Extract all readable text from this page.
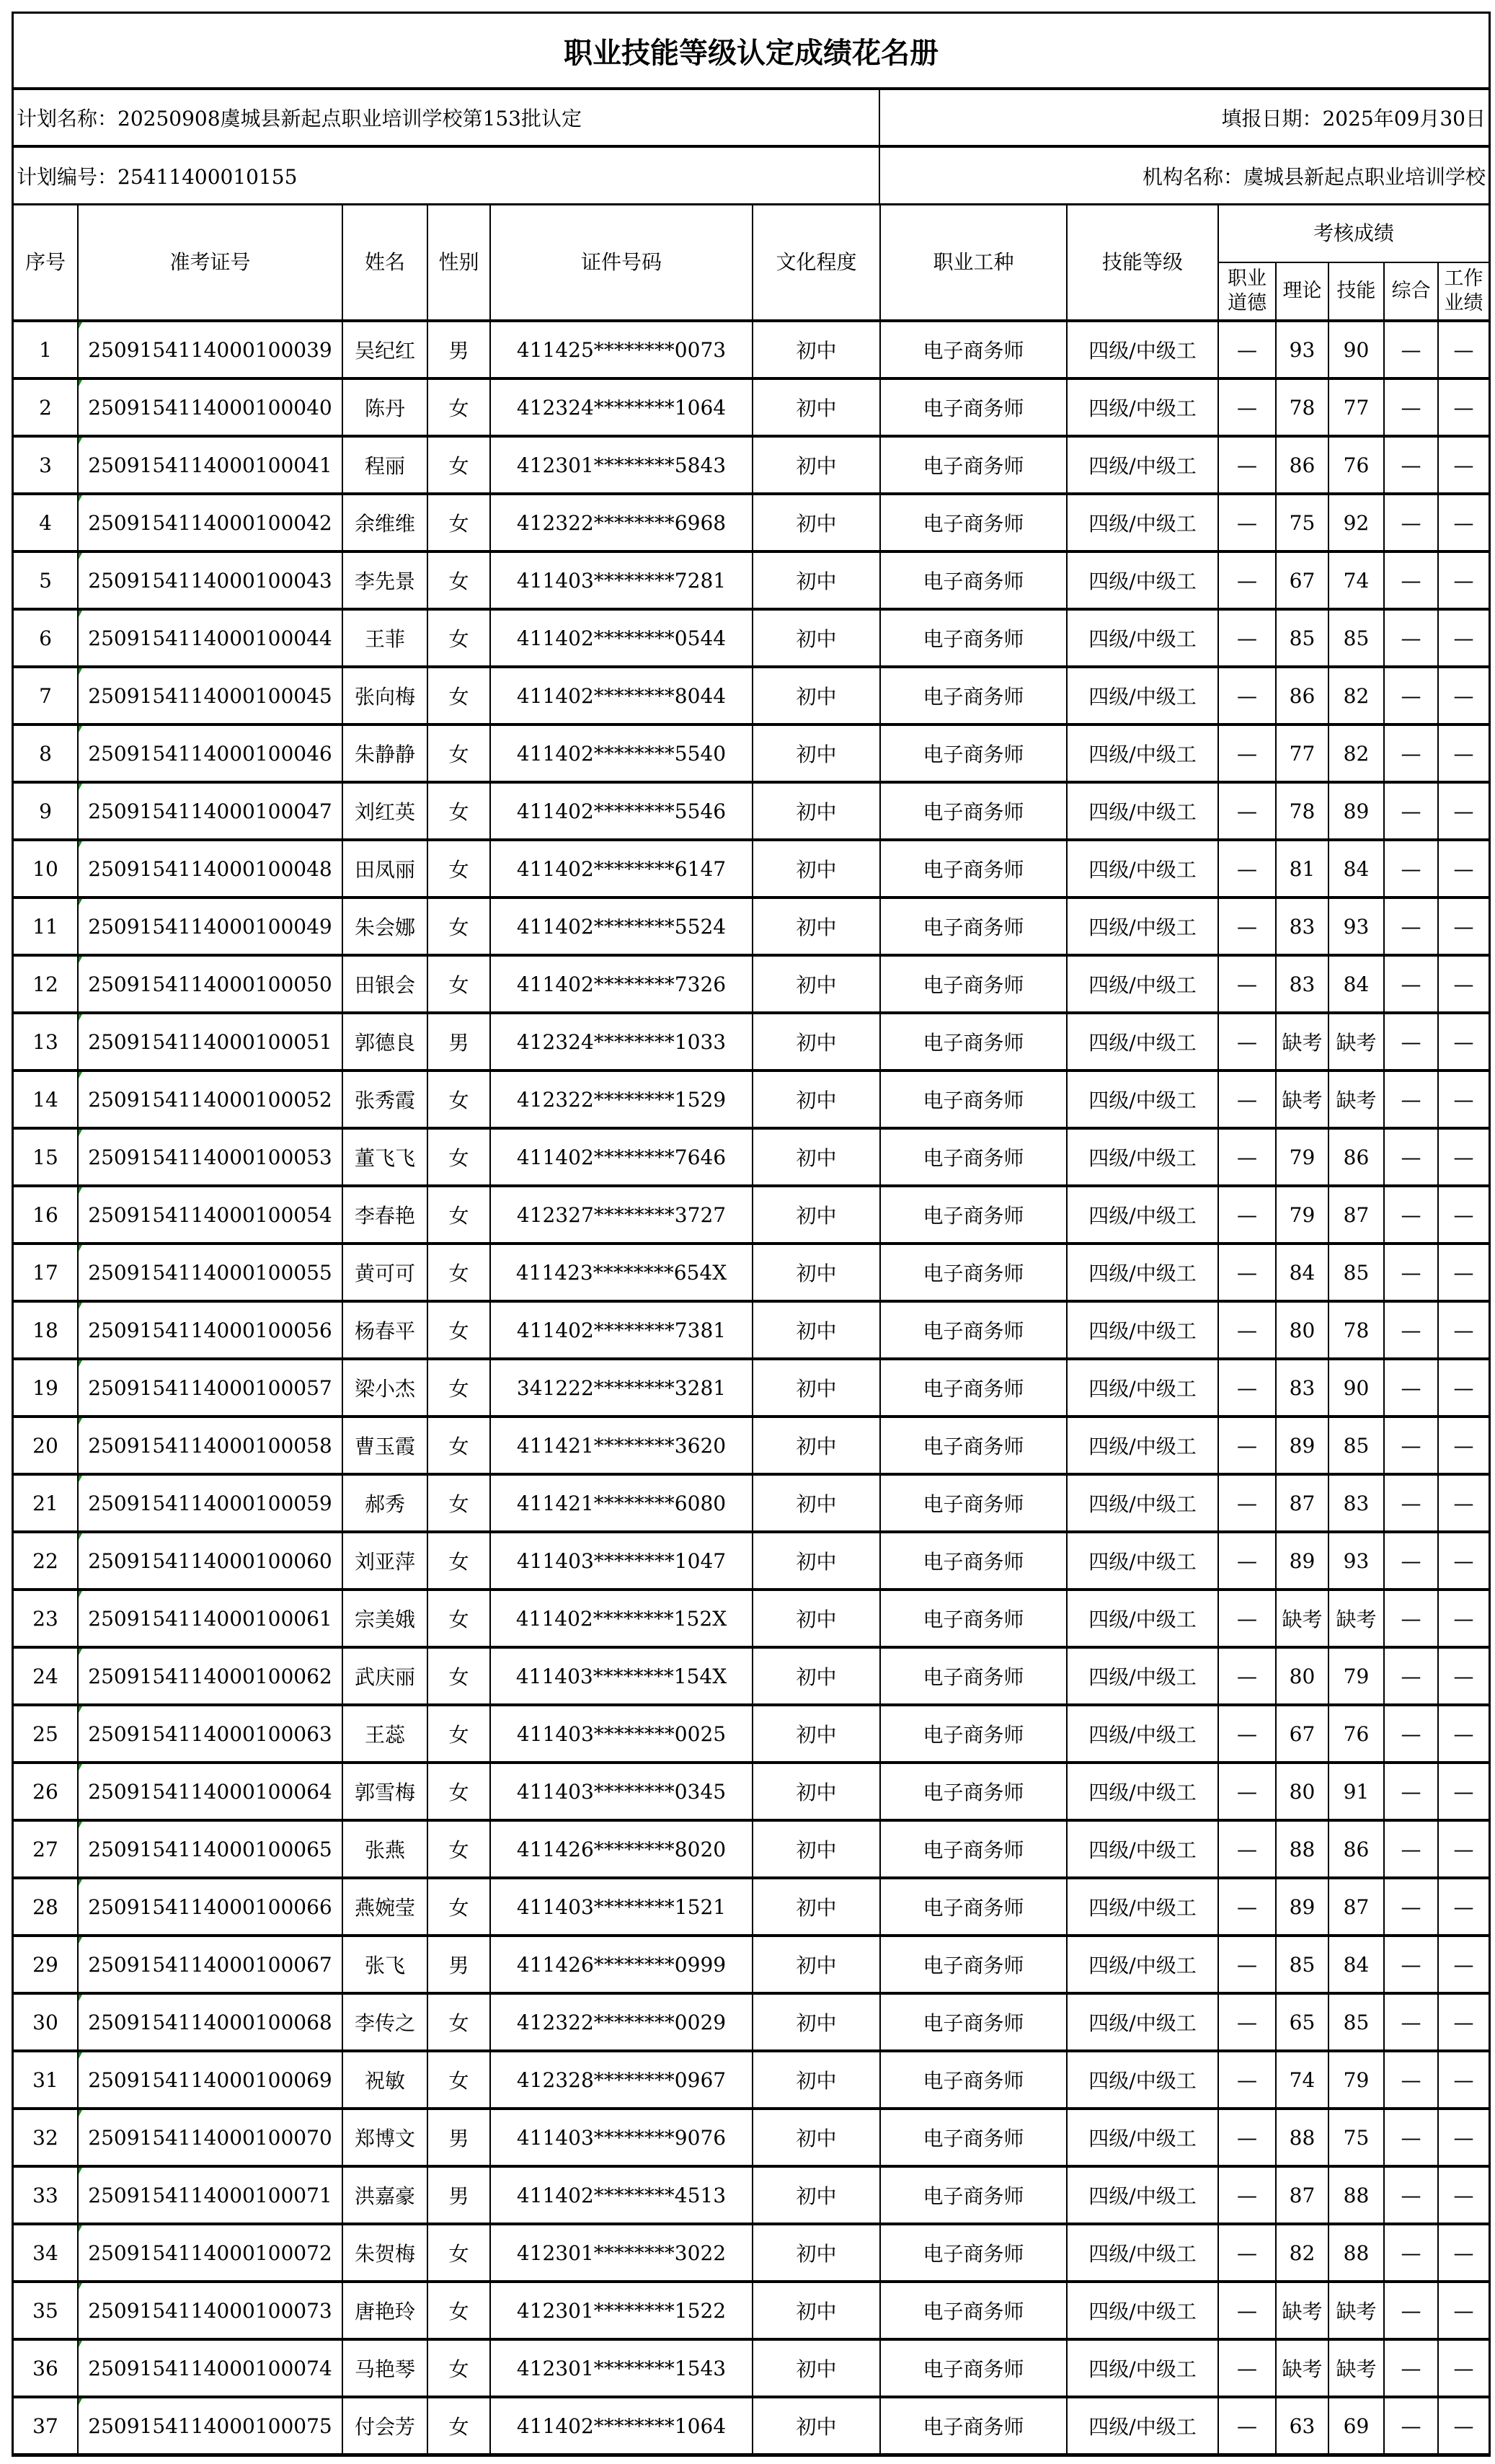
职业技能等级认定成绩花名册
计划名称：20250908虞城县新起点职业培训学校第153批认定	填报日期：2025年09月30日
计划编号：25411400010155	机构名称：虞城县新起点职业培训学校
序号	准考证号	姓名	性别	证件号码	文化程度	职业工种	技能等级	考核成绩				
								职业道德	理论	技能	综合	工作业绩
1	2509154114000100039	吴纪红	男	411425********0073	初中	电子商务师	四级/中级工	—	93	90	—	—
2	2509154114000100040	陈丹	女	412324********1064	初中	电子商务师	四级/中级工	—	78	77	—	—
3	2509154114000100041	程丽	女	412301********5843	初中	电子商务师	四级/中级工	—	86	76	—	—
4	2509154114000100042	余维维	女	412322********6968	初中	电子商务师	四级/中级工	—	75	92	—	—
5	2509154114000100043	李先景	女	411403********7281	初中	电子商务师	四级/中级工	—	67	74	—	—
6	2509154114000100044	王菲	女	411402********0544	初中	电子商务师	四级/中级工	—	85	85	—	—
7	2509154114000100045	张向梅	女	411402********8044	初中	电子商务师	四级/中级工	—	86	82	—	—
8	2509154114000100046	朱静静	女	411402********5540	初中	电子商务师	四级/中级工	—	77	82	—	—
9	2509154114000100047	刘红英	女	411402********5546	初中	电子商务师	四级/中级工	—	78	89	—	—
10	2509154114000100048	田凤丽	女	411402********6147	初中	电子商务师	四级/中级工	—	81	84	—	—
11	2509154114000100049	朱会娜	女	411402********5524	初中	电子商务师	四级/中级工	—	83	93	—	—
12	2509154114000100050	田银会	女	411402********7326	初中	电子商务师	四级/中级工	—	83	84	—	—
13	2509154114000100051	郭德良	男	412324********1033	初中	电子商务师	四级/中级工	—	缺考	缺考	—	—
14	2509154114000100052	张秀霞	女	412322********1529	初中	电子商务师	四级/中级工	—	缺考	缺考	—	—
15	2509154114000100053	董飞飞	女	411402********7646	初中	电子商务师	四级/中级工	—	79	86	—	—
16	2509154114000100054	李春艳	女	412327********3727	初中	电子商务师	四级/中级工	—	79	87	—	—
17	2509154114000100055	黄可可	女	411423********654X	初中	电子商务师	四级/中级工	—	84	85	—	—
18	2509154114000100056	杨春平	女	411402********7381	初中	电子商务师	四级/中级工	—	80	78	—	—
19	2509154114000100057	梁小杰	女	341222********3281	初中	电子商务师	四级/中级工	—	83	90	—	—
20	2509154114000100058	曹玉霞	女	411421********3620	初中	电子商务师	四级/中级工	—	89	85	—	—
21	2509154114000100059	郝秀	女	411421********6080	初中	电子商务师	四级/中级工	—	87	83	—	—
22	2509154114000100060	刘亚萍	女	411403********1047	初中	电子商务师	四级/中级工	—	89	93	—	—
23	2509154114000100061	宗美娥	女	411402********152X	初中	电子商务师	四级/中级工	—	缺考	缺考	—	—
24	2509154114000100062	武庆丽	女	411403********154X	初中	电子商务师	四级/中级工	—	80	79	—	—
25	2509154114000100063	王蕊	女	411403********0025	初中	电子商务师	四级/中级工	—	67	76	—	—
26	2509154114000100064	郭雪梅	女	411403********0345	初中	电子商务师	四级/中级工	—	80	91	—	—
27	2509154114000100065	张燕	女	411426********8020	初中	电子商务师	四级/中级工	—	88	86	—	—
28	2509154114000100066	燕婉莹	女	411403********1521	初中	电子商务师	四级/中级工	—	89	87	—	—
29	2509154114000100067	张飞	男	411426********0999	初中	电子商务师	四级/中级工	—	85	84	—	—
30	2509154114000100068	李传之	女	412322********0029	初中	电子商务师	四级/中级工	—	65	85	—	—
31	2509154114000100069	祝敏	女	412328********0967	初中	电子商务师	四级/中级工	—	74	79	—	—
32	2509154114000100070	郑博文	男	411403********9076	初中	电子商务师	四级/中级工	—	88	75	—	—
33	2509154114000100071	洪嘉豪	男	411402********4513	初中	电子商务师	四级/中级工	—	87	88	—	—
34	2509154114000100072	朱贺梅	女	412301********3022	初中	电子商务师	四级/中级工	—	82	88	—	—
35	2509154114000100073	唐艳玲	女	412301********1522	初中	电子商务师	四级/中级工	—	缺考	缺考	—	—
36	2509154114000100074	马艳琴	女	412301********1543	初中	电子商务师	四级/中级工	—	缺考	缺考	—	—
37	2509154114000100075	付会芳	女	411402********1064	初中	电子商务师	四级/中级工	—	63	69	—	—
